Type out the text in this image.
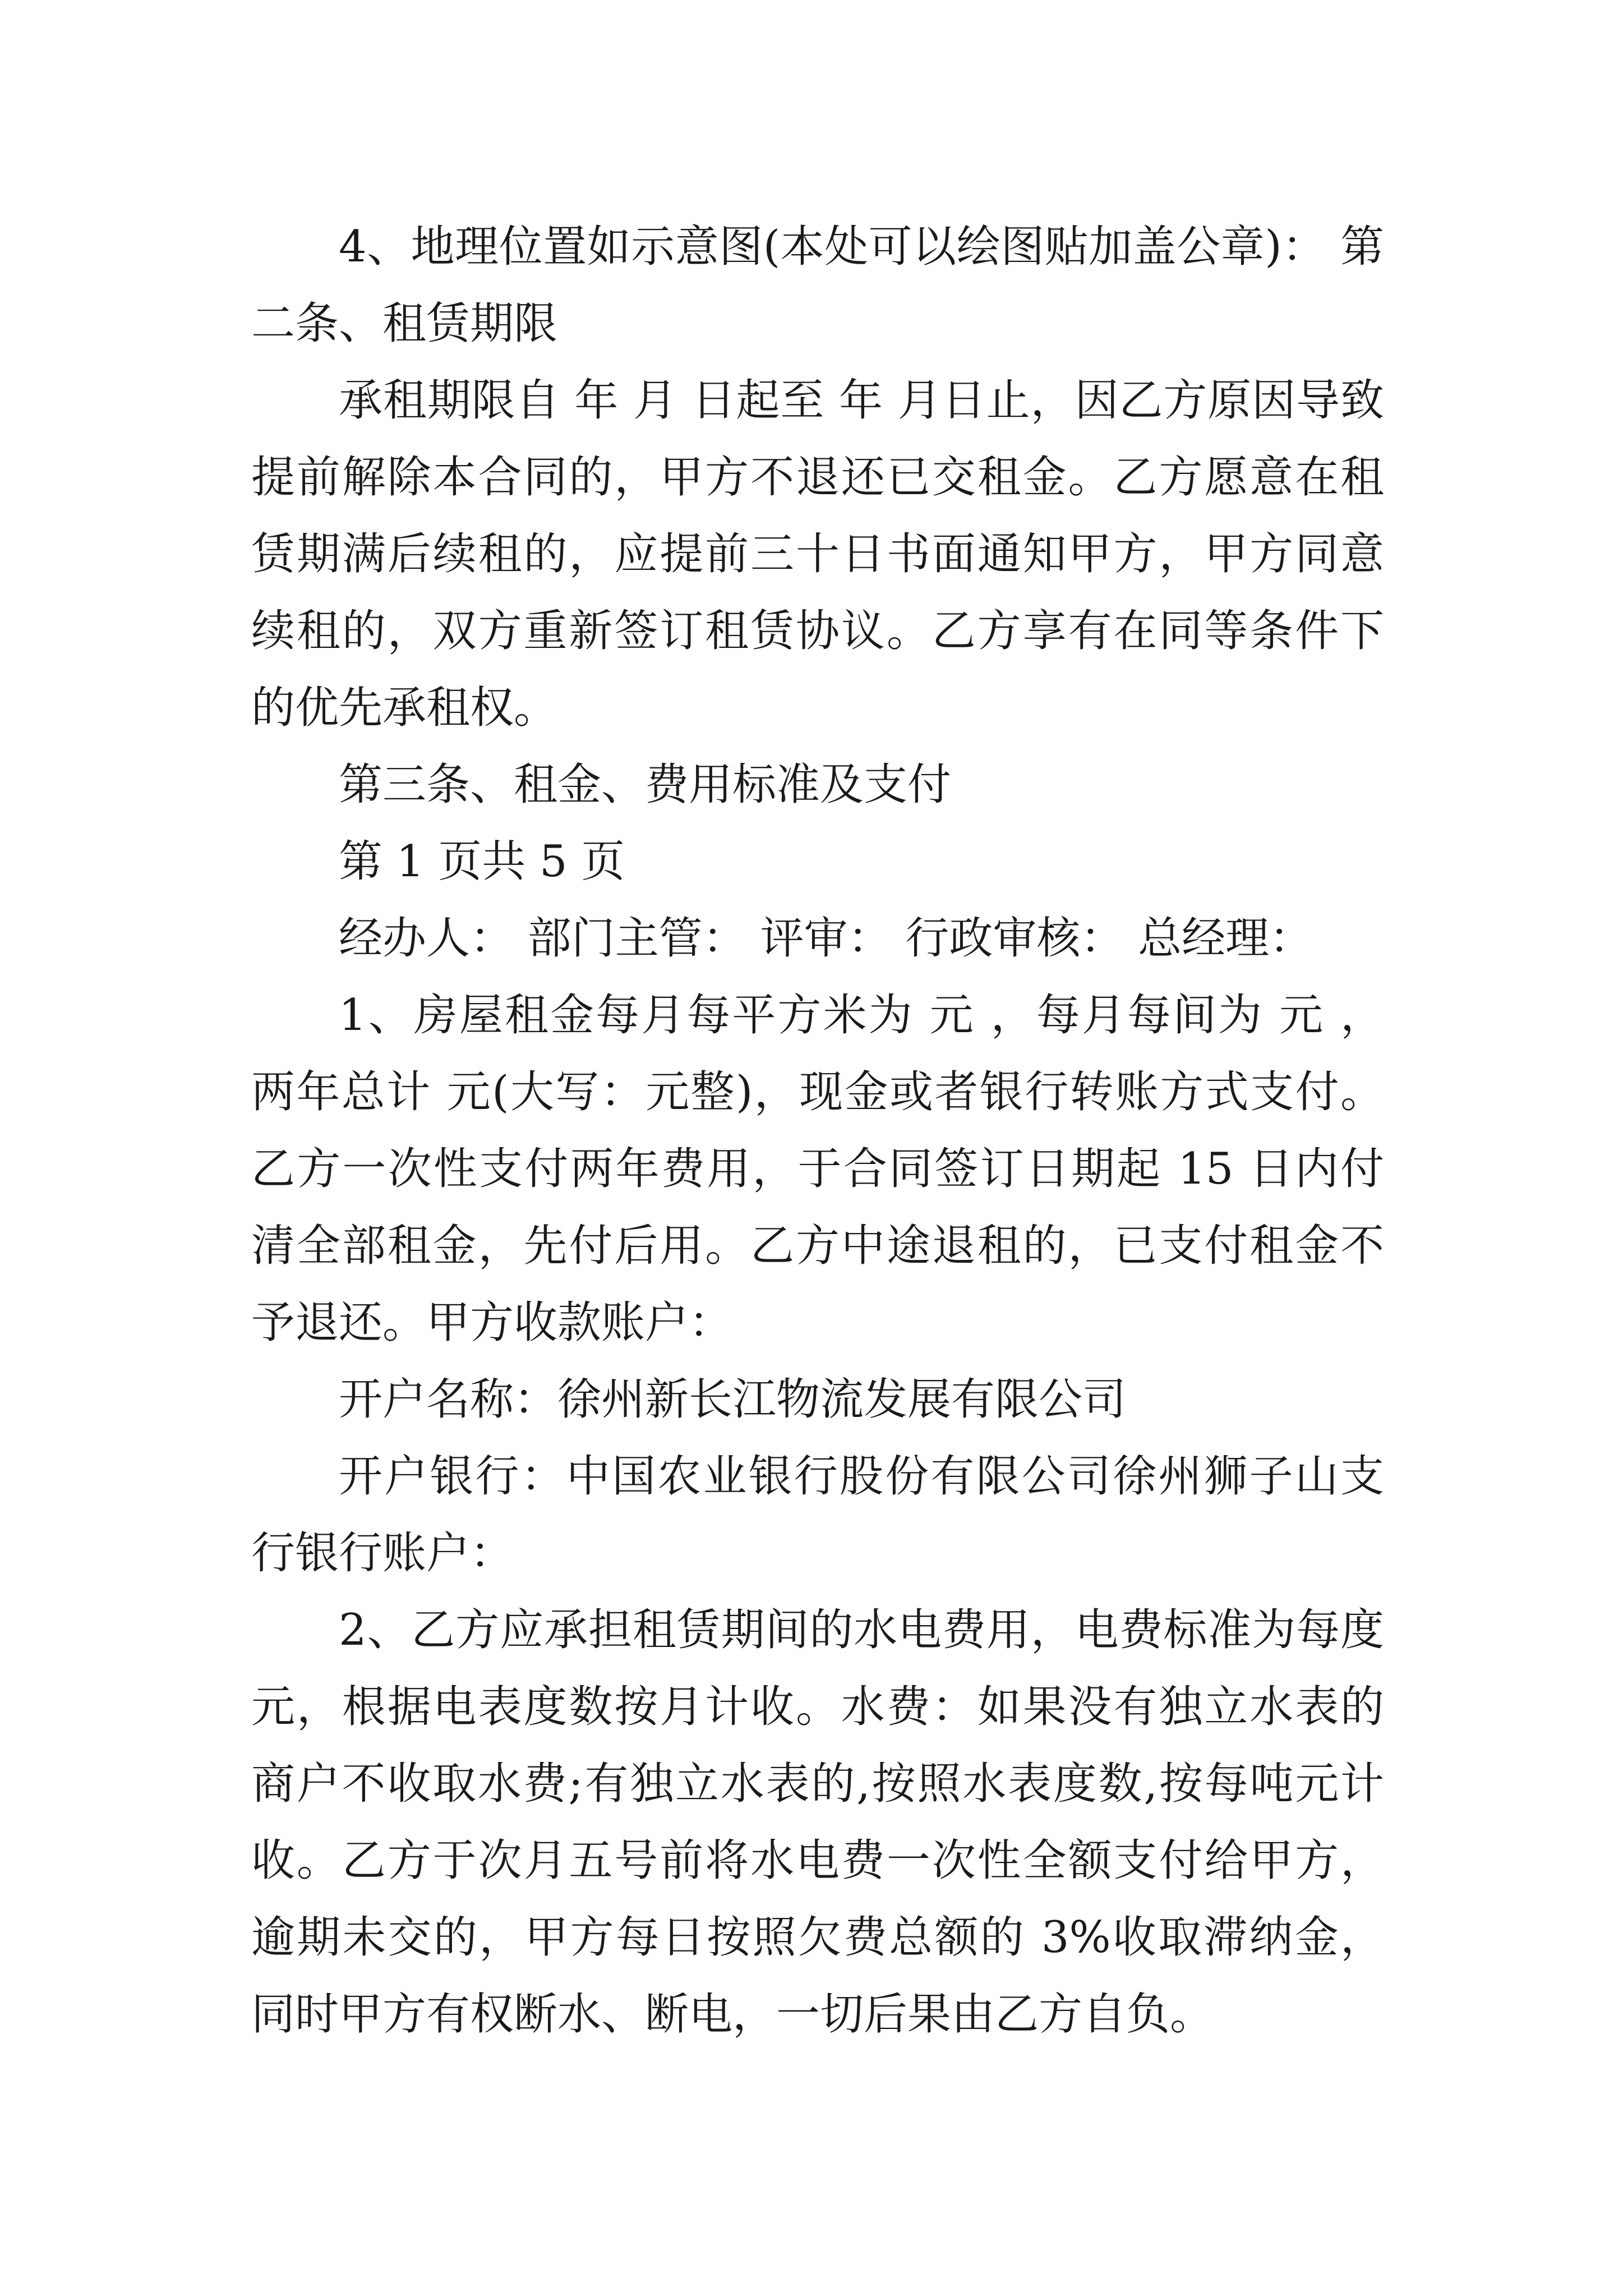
4、地理位置如示意图(本处可以绘图贴加盖公章)： 第二条、租赁期限

承租期限自 年 月 日起至 年 月日止，因乙方原因导致提前解除本合同的，甲方不退还已交租金。乙方愿意在租赁期满后续租的，应提前三十日书面通知甲方，甲方同意续租的，双方重新签订租赁协议。乙方享有在同等条件下的优先承租权。

第三条、租金、费用标准及支付

第 1 页共 5 页

经办人： 部门主管： 评审： 行政审核： 总经理：

1、房屋租金每月每平方米为 元 ，每月每间为 元 ，两年总计 元(大写：元整)，现金或者银行转账方式支付。乙方一次性支付两年费用，于合同签订日期起 15 日内付清全部租金，先付后用。乙方中途退租的，已支付租金不予退还。甲方收款账户：

开户名称：徐州新长江物流发展有限公司

开户银行：中国农业银行股份有限公司徐州狮子山支行银行账户：

2、乙方应承担租赁期间的水电费用，电费标准为每度元，根据电表度数按月计收。水费：如果没有独立水表的商户不收取水费;有独立水表的,按照水表度数,按每吨元计收。乙方于次月五号前将水电费一次性全额支付给甲方，逾期未交的，甲方每日按照欠费总额的 3%收取滞纳金，同时甲方有权断水、断电，一切后果由乙方自负。
